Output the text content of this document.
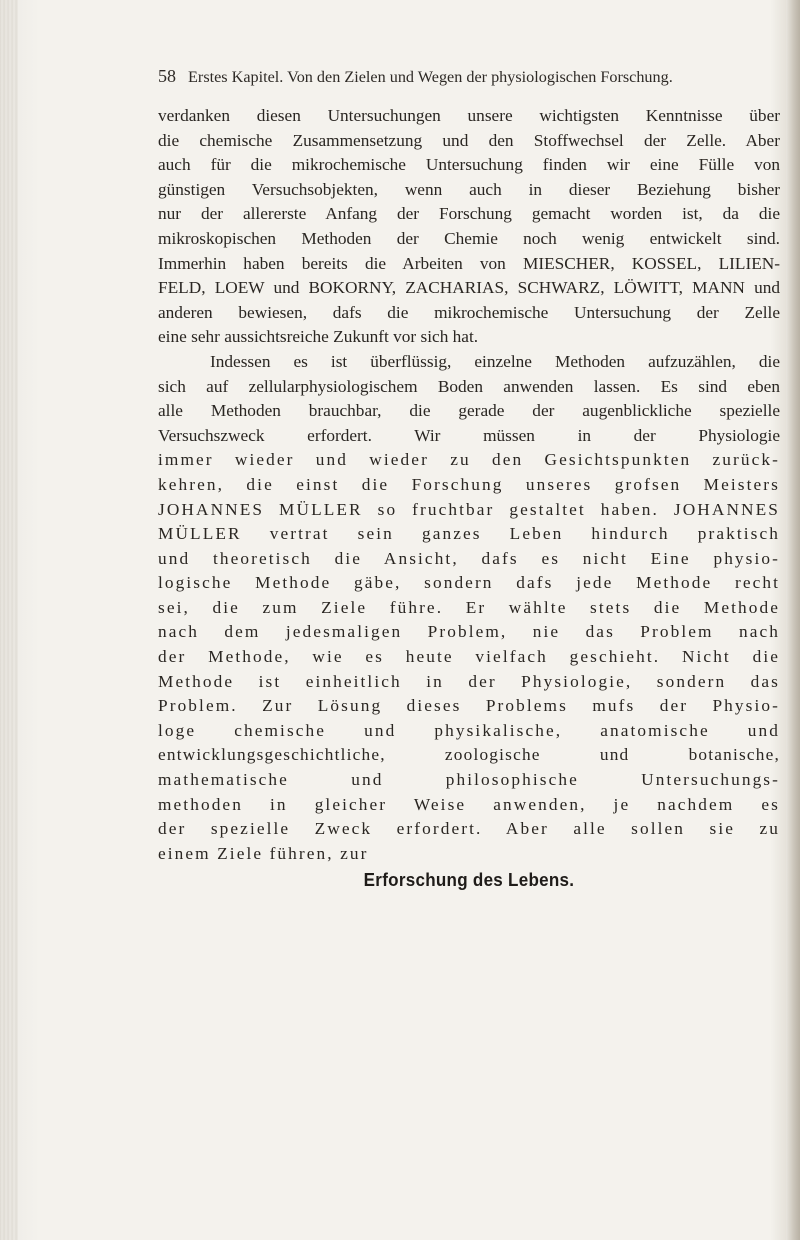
58 Erstes Kapitel. Von den Zielen und Wegen der physiologischen Forschung.
verdanken diesen Untersuchungen unsere wichtigsten Kenntnisse über
die chemische Zusammensetzung und den Stoffwechsel der Zelle. Aber
auch für die mikrochemische Untersuchung finden wir eine Fülle von
günstigen Versuchsobjekten, wenn auch in dieser Beziehung bisher
nur der allererste Anfang der Forschung gemacht worden ist, da die
mikroskopischen Methoden der Chemie noch wenig entwickelt sind.
Immerhin haben bereits die Arbeiten von MIESCHER, KOSSEL, LILIEN-
FELD, LOEW und BOKORNY, ZACHARIAS, SCHWARZ, LÖWITT, MANN und
anderen bewiesen, dafs die mikrochemische Untersuchung der Zelle
eine sehr aussichtsreiche Zukunft vor sich hat.
Indessen es ist überflüssig, einzelne Methoden aufzuzählen, die
sich auf zellularphysiologischem Boden anwenden lassen. Es sind eben
alle Methoden brauchbar, die gerade der augenblickliche spezielle
Versuchszweck erfordert. Wir müssen in der Physiologie
immer wieder und wieder zu den Gesichtspunkten zurück-
kehren, die einst die Forschung unseres grofsen Meisters
JOHANNES MÜLLER so fruchtbar gestaltet haben. JOHANNES
MÜLLER vertrat sein ganzes Leben hindurch praktisch
und theoretisch die Ansicht, dafs es nicht Eine physio-
logische Methode gäbe, sondern dafs jede Methode recht
sei, die zum Ziele führe. Er wählte stets die Methode
nach dem jedesmaligen Problem, nie das Problem nach
der Methode, wie es heute vielfach geschieht. Nicht die
Methode ist einheitlich in der Physiologie, sondern das
Problem. Zur Lösung dieses Problems mufs der Physio-
loge chemische und physikalische, anatomische und
entwicklungsgeschichtliche, zoologische und botanische,
mathematische und philosophische Untersuchungs-
methoden in gleicher Weise anwenden, je nachdem es
der spezielle Zweck erfordert. Aber alle sollen sie zu
einem Ziele führen, zur
Erforschung des Lebens.
